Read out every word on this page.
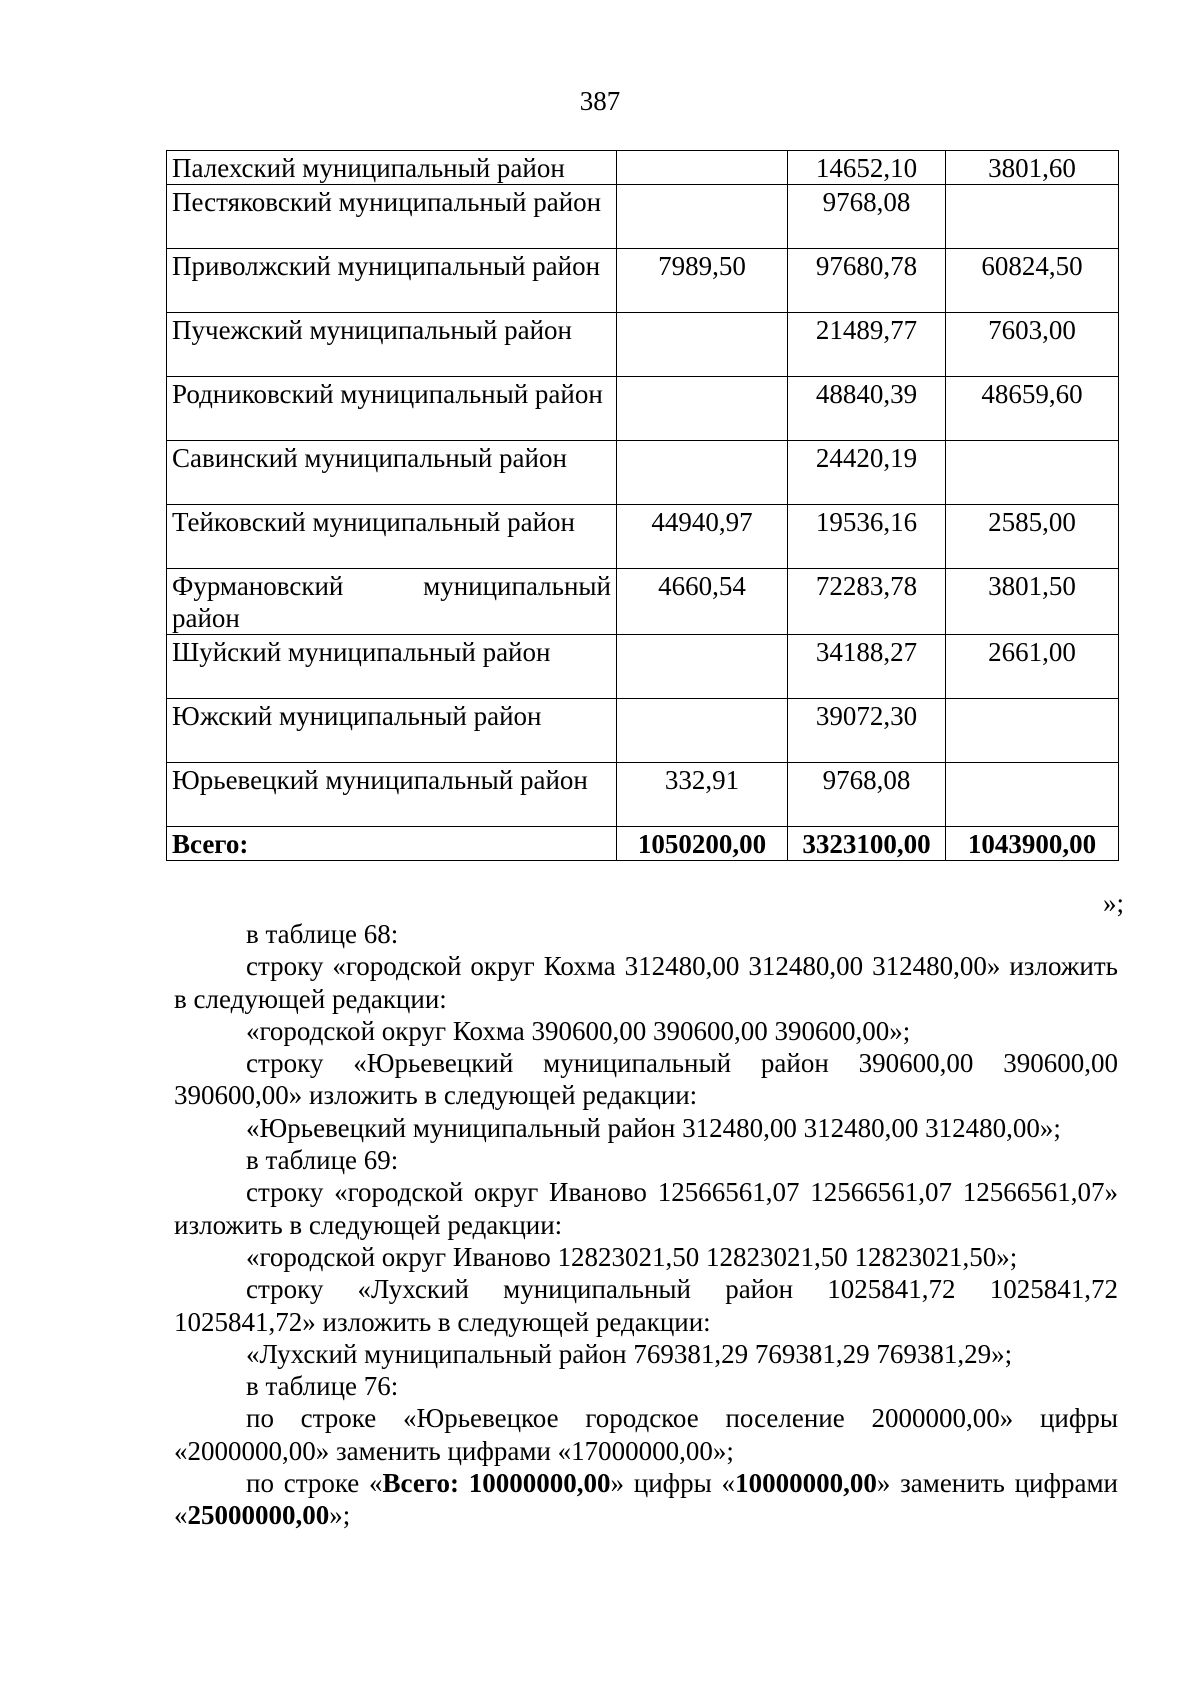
387
Палехский муниципальный район		14652,10	3801,60
Пестяковский муниципальный район		9768,08	
Приволжский муниципальный район	7989,50	97680,78	60824,50
Пучежский муниципальный район		21489,77	7603,00
Родниковский муниципальный район		48840,39	48659,60
Савинский муниципальный район		24420,19	
Тейковский муниципальный район	44940,97	19536,16	2585,00
Фурмановский муниципальный район	4660,54	72283,78	3801,50
Шуйский муниципальный район		34188,27	2661,00
Южский муниципальный район		39072,30	
Юрьевецкий муниципальный район	332,91	9768,08	
Всего:	1050200,00	3323100,00	1043900,00
»;

в таблице 68:

строку «городской округ Кохма 312480,00 312480,00 312480,00» изложить в следующей редакции:

«городской округ Кохма 390600,00 390600,00 390600,00»;

строку «Юрьевецкий муниципальный район 390600,00 390600,00 390600,00» изложить в следующей редакции:

«Юрьевецкий муниципальный район 312480,00 312480,00 312480,00»;

в таблице 69:

строку «городской округ Иваново 12566561,07 12566561,07 12566561,07» изложить в следующей редакции:

«городской округ Иваново 12823021,50 12823021,50 12823021,50»;

строку «Лухский муниципальный район 1025841,72 1025841,72 1025841,72» изложить в следующей редакции:

«Лухский муниципальный район 769381,29 769381,29 769381,29»;

в таблице 76:

по строке «Юрьевецкое городское поселение 2000000,00» цифры «2000000,00» заменить цифрами «17000000,00»;

по строке «Всего: 10000000,00» цифры «10000000,00» заменить цифрами «25000000,00»;
